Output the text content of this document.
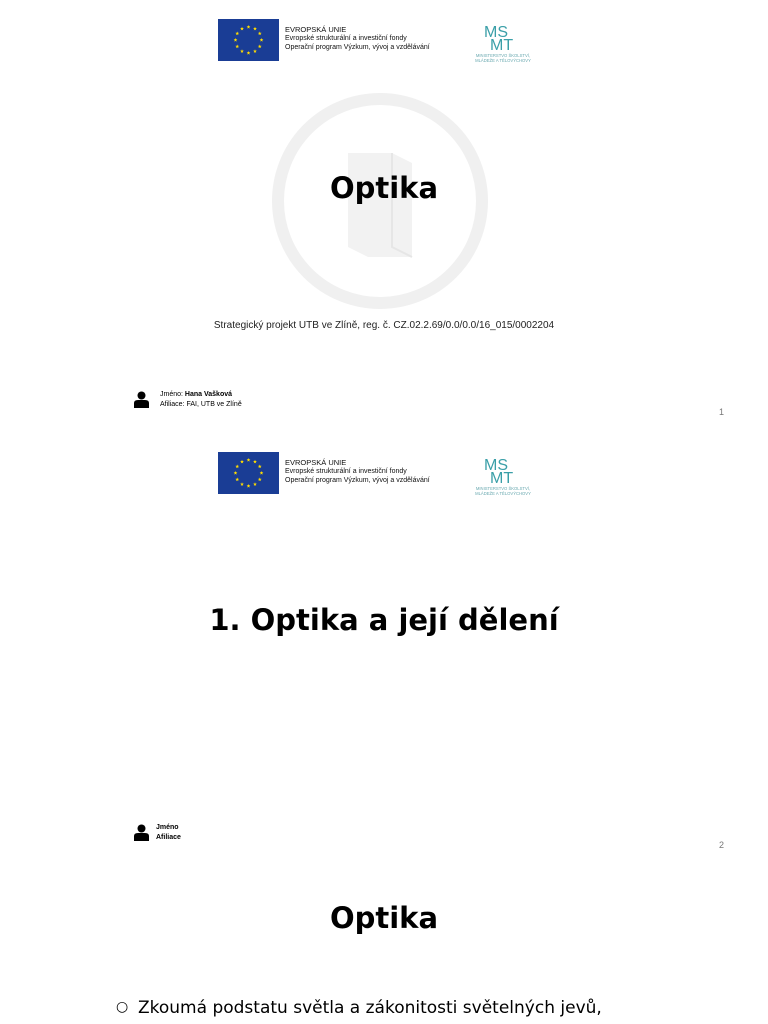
EVROPSKÁ UNIE
Evropské strukturální a investiční fondy
Operační program Výzkum, vývoj a vzdělávání
MS
MT
MINISTERSTVO ŠKOLSTVÍ,
MLÁDEŽE A TĚLOVÝCHOVY
Optika
Strategický projekt UTB ve Zlíně, reg. č. CZ.02.2.69/0.0/0.0/16_015/0002204
Jméno: Hana Vašková
Afiliace: FAI, UTB ve Zlíně
1
EVROPSKÁ UNIE
Evropské strukturální a investiční fondy
Operační program Výzkum, vývoj a vzdělávání
MS
MT
MINISTERSTVO ŠKOLSTVÍ,
MLÁDEŽE A TĚLOVÝCHOVY
1. Optika a její dělení
Jméno
Afiliace
2
Optika
○ Zkoumá podstatu světla a zákonitosti světelných jevů,
